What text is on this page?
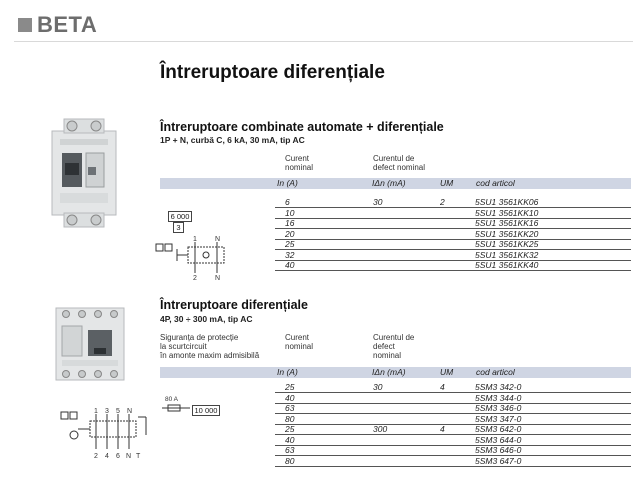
BETA
Întreruptoare diferențiale
Întreruptoare combinate automate + diferențiale
1P + N, curbă C, 6 kA, 30 mA, tip AC
Curent
nominal
Curentul de
defect nominal
In (A)	IΔn (mA)	UM	cod articol
6	30	2	5SU1 3561KK06
10	5SU1 3561KK10
16	5SU1 3561KK16
20	5SU1 3561KK20
25	5SU1 3561KK25
32	5SU1 3561KK32
40	5SU1 3561KK40
6 000
3
1	N
2	N
Întreruptoare diferențiale
4P, 30 ÷ 300 mA, tip AC
Siguranța de protecție
la scurtcircuit
în amonte maxim admisibilă
Curent
nominal
Curentul de
defect
nominal
In (A)	IΔn (mA)	UM	cod articol
25	30	4	5SM3 342-0
40	5SM3 344-0
63	5SM3 346-0
80	5SM3 347-0
25	300	4	5SM3 642-0
40	5SM3 644-0
63	5SM3 646-0
80	5SM3 647-0
80 A
10 000
1 3 5 N
2 4 6 N T
